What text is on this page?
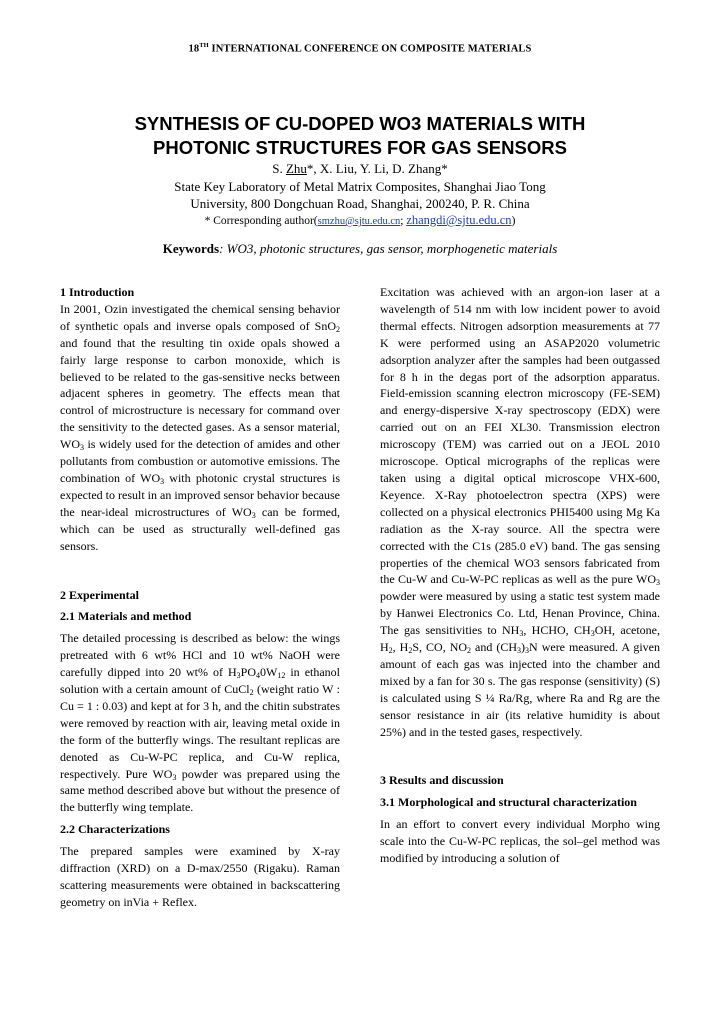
18TH INTERNATIONAL CONFERENCE ON COMPOSITE MATERIALS
SYNTHESIS OF CU-DOPED WO3 MATERIALS WITH
PHOTONIC STRUCTURES FOR GAS SENSORS
S. Zhu*, X. Liu, Y. Li, D. Zhang*
State Key Laboratory of Metal Matrix Composites, Shanghai Jiao Tong
University, 800 Dongchuan Road, Shanghai, 200240, P. R. China
* Corresponding author(smzhu@sjtu.edu.cn; zhangdi@sjtu.edu.cn)
Keywords: WO3, photonic structures, gas sensor, morphogenetic materials
1 Introduction

In 2001, Ozin investigated the chemical sensing behavior of synthetic opals and inverse opals composed of SnO$_2$ and found that the resulting tin oxide opals showed a fairly large response to carbon monoxide, which is believed to be related to the gas-sensitive necks between adjacent spheres in geometry. The effects mean that control of microstructure is necessary for command over the sensitivity to the detected gases. As a sensor material, $WO_3$ is widely used for the detection of amides and other pollutants from combustion or automotive emissions. The combination of $WO_3$ with photonic crystal structures is expected to result in an improved sensor behavior because the near-ideal microstructures of $WO_3$ can be formed, which can be used as structurally well-defined gas sensors.

2 Experimental
2.1 Materials and method

The detailed processing is described as below: the wings pretreated with 6 wt% HCl and 10 wt% NaOH were carefully dipped into 20 wt% of $H_3PO_40W_{12}$ in ethanol solution with a certain amount of CuCl$_2$ (weight ratio W : Cu = 1 : 0.03) and kept at for 3 h, and the chitin substrates were removed by reaction with air, leaving metal oxide in the form of the butterfly wings. The resultant replicas are denoted as Cu-W-PC replica, and Cu-W replica, respectively. Pure $WO_3$ powder was prepared using the same method described above but without the presence of the butterfly wing template.

2.2 Characterizations

The prepared samples were examined by X-ray diffraction (XRD) on a D-max/2550 (Rigaku). Raman scattering measurements were obtained in backscattering geometry on inVia + Reflex.

Excitation was achieved with an argon-ion laser at a wavelength of 514 nm with low incident power to avoid thermal effects. Nitrogen adsorption measurements at 77 K were performed using an ASAP2020 volumetric adsorption analyzer after the samples had been outgassed for 8 h in the degas port of the adsorption apparatus. Field-emission scanning electron microscopy (FE-SEM) and energy-dispersive X-ray spectroscopy (EDX) were carried out on an FEI XL30. Transmission electron microscopy (TEM) was carried out on a JEOL 2010 microscope. Optical micrographs of the replicas were taken using a digital optical microscope VHX-600, Keyence. X-Ray photoelectron spectra (XPS) were collected on a physical electronics PHI5400 using Mg Ka radiation as the X-ray source. All the spectra were corrected with the C1s (285.0 eV) band. The gas sensing properties of the chemical WO3 sensors fabricated from the Cu-W and Cu-W-PC replicas as well as the pure $WO_3$ powder were measured by using a static test system made by Hanwei Electronics Co. Ltd, Henan Province, China. The gas sensitivities to $NH_3$, HCHO, $CH_3OH$, acetone, $H_2$, $H_2S$, CO, $NO_2$ and $(CH_3)_3N$ were measured. A given amount of each gas was injected into the chamber and mixed by a fan for 30 s. The gas response (sensitivity) (S) is calculated using S ¼ Ra/Rg, where Ra and Rg are the sensor resistance in air (its relative humidity is about 25%) and in the tested gases, respectively.

3 Results and discussion
3.1 Morphological and structural characterization

In an effort to convert every individual Morpho wing scale into the Cu-W-PC replicas, the sol–gel method was modified by introducing a solution of
